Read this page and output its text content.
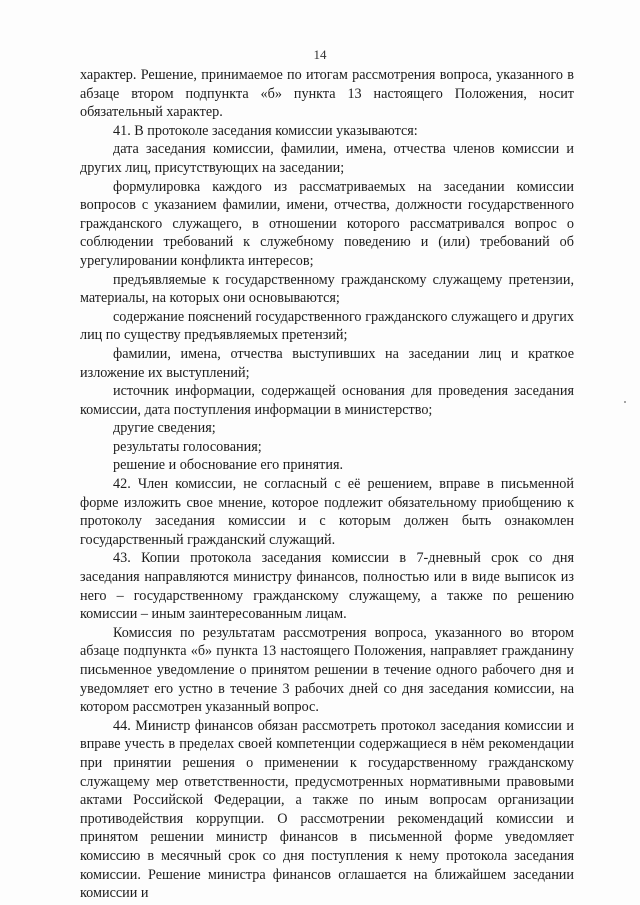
14

характер. Решение, принимаемое по итогам рассмотрения вопроса, указанного в абзаце втором подпункта «б» пункта 13 настоящего Положения, носит обязательный характер.

41. В протоколе заседания комиссии указываются:

дата заседания комиссии, фамилии, имена, отчества членов комиссии и других лиц, присутствующих на заседании;

формулировка каждого из рассматриваемых на заседании комиссии вопросов с указанием фамилии, имени, отчества, должности государственного гражданского служащего, в отношении которого рассматривался вопрос о соблюдении требований к служебному поведению и (или) требований об урегулировании конфликта интересов;

предъявляемые к государственному гражданскому служащему претензии, материалы, на которых они основываются;

содержание пояснений государственного гражданского служащего и других лиц по существу предъявляемых претензий;

фамилии, имена, отчества выступивших на заседании лиц и краткое изложение их выступлений;

источник информации, содержащей основания для проведения заседания комиссии, дата поступления информации в министерство;

другие сведения;

результаты голосования;

решение и обоснование его принятия.

42. Член комиссии, не согласный с её решением, вправе в письменной форме изложить свое мнение, которое подлежит обязательному приобщению к протоколу заседания комиссии и с которым должен быть ознакомлен государственный гражданский служащий.

43. Копии протокола заседания комиссии в 7-дневный срок со дня заседания направляются министру финансов, полностью или в виде выписок из него – государственному гражданскому служащему, а также по решению комиссии – иным заинтересованным лицам.

Комиссия по результатам рассмотрения вопроса, указанного во втором абзаце подпункта «б» пункта 13 настоящего Положения, направляет гражданину письменное уведомление о принятом решении в течение одного рабочего дня и уведомляет его устно в течение 3 рабочих дней со дня заседания комиссии, на котором рассмотрен указанный вопрос.

44. Министр финансов обязан рассмотреть протокол заседания комиссии и вправе учесть в пределах своей компетенции содержащиеся в нём рекомендации при принятии решения о применении к государственному гражданскому служащему мер ответственности, предусмотренных нормативными правовыми актами Российской Федерации, а также по иным вопросам организации противодействия коррупции. О рассмотрении рекомендаций комиссии и принятом решении министр финансов в письменной форме уведомляет комиссию в месячный срок со дня поступления к нему протокола заседания комиссии. Решение министра финансов оглашается на ближайшем заседании комиссии и
